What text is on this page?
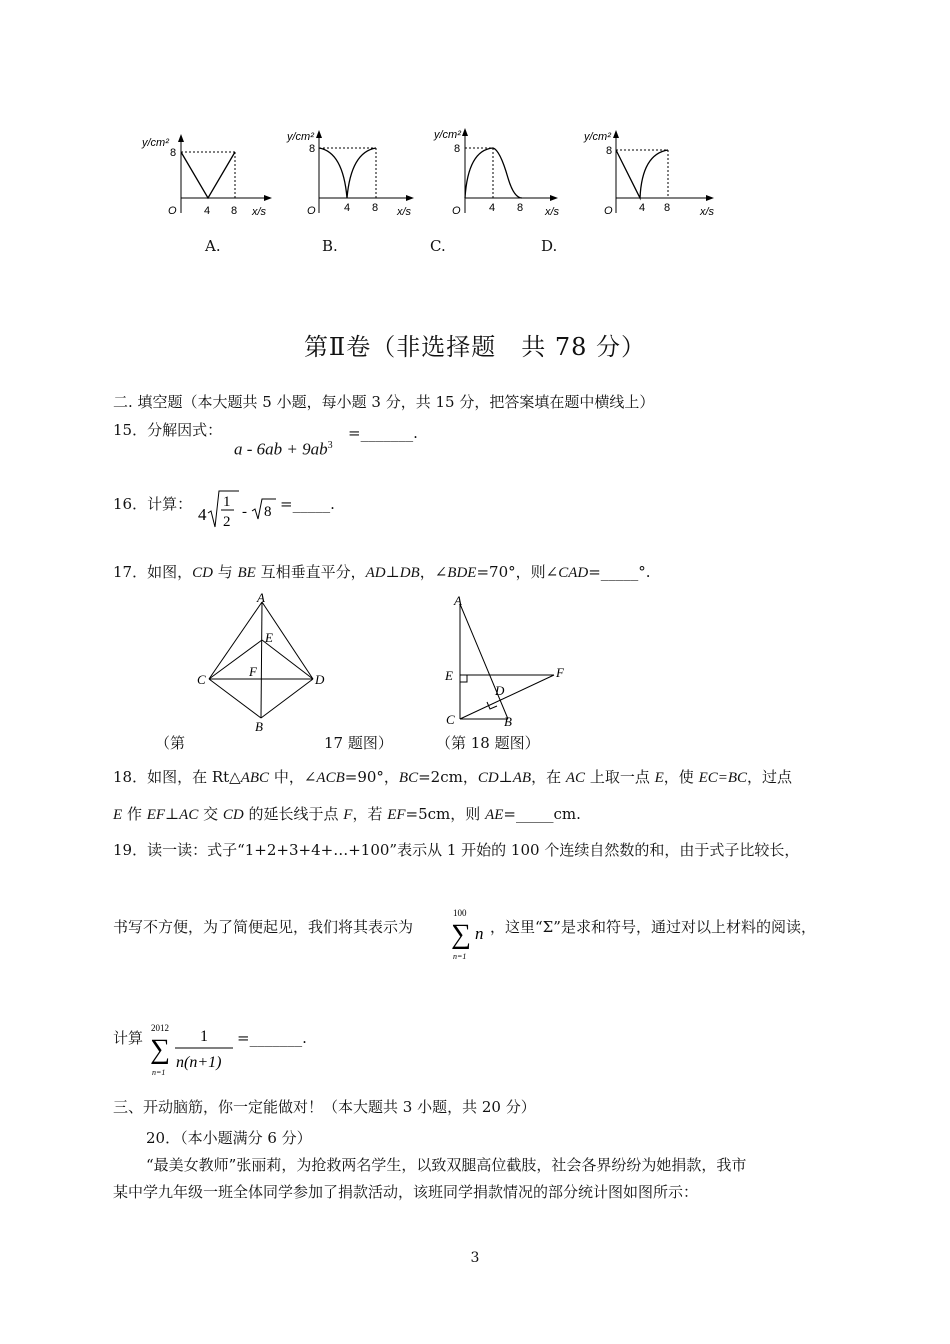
y/cm²
8
O 4 8 x/s
y/cm²
8
O	4 8 x/s
y/cm²
8
O	4 8 x/s
y/cm²
8
O 4 8	x/s
A.	B.	C.	D.
第Ⅱ卷（非选择题　共 78 分）
二. 填空题（本大题共 5 小题，每小题 3 分，共 15 分，把答案填在题中横线上）
15．分解因式：
$a - 6ab + 9ab^3$
=_______.
16．计算：
4
1
2
- 8 =_____.
17．如图，CD 与 BE 互相垂直平分，AD⊥DB，∠BDE=70°，则∠CAD=_____°.
A
E
F
C	D
B
（第	17 题图）
A
E
D
F
C	B
（第 18 题图）
18．如图，在 Rt△ABC 中，∠ACB=90°，BC=2cm，CD⊥AB，在 AC 上取一点 E，使 EC=BC，过点
E 作 EF⊥AC 交 CD 的延长线于点 F，若 EF=5cm，则 AE=_____cm.
19．读一读：式子“1+2+3+4+…+100”表示从 1 开始的 100 个连续自然数的和，由于式子比较长，
书写不方便，为了简便起见，我们将其表示为
100
∑ n
n=1
，这里“Σ”是求和符号，通过对以上材料的阅读，
计算
2012
∑
n=1
1
n(n+1)
=_______.
三、开动脑筋，你一定能做对！（本大题共 3 小题，共 20 分）
20．（本小题满分 6 分）
“最美女教师”张丽莉，为抢救两名学生，以致双腿高位截肢，社会各界纷纷为她捐款，我市
某中学九年级一班全体同学参加了捐款活动，该班同学捐款情况的部分统计图如图所示：
3
